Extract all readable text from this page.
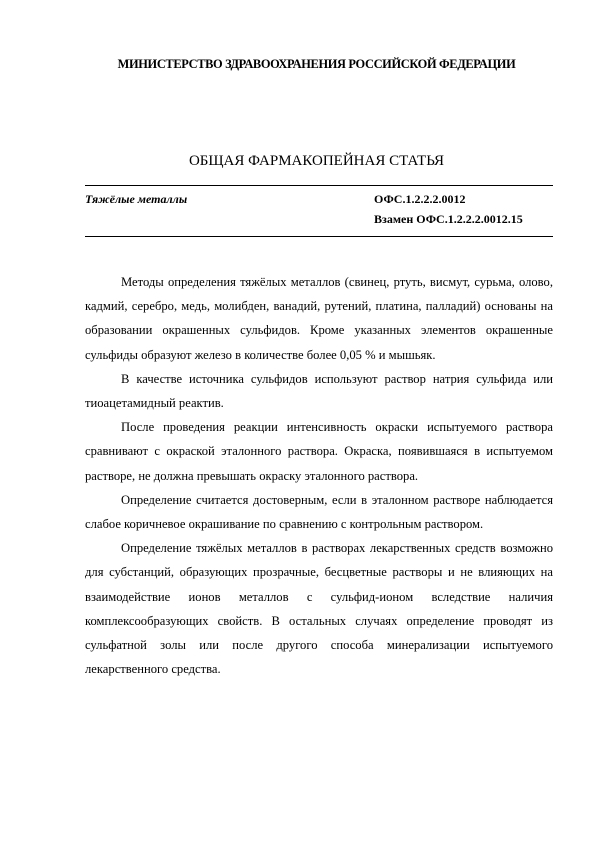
МИНИСТЕРСТВО ЗДРАВООХРАНЕНИЯ РОССИЙСКОЙ ФЕДЕРАЦИИ
ОБЩАЯ ФАРМАКОПЕЙНАЯ СТАТЬЯ
Тяжёлые металлы	ОФС.1.2.2.2.0012
Взамен ОФС.1.2.2.2.0012.15

Методы определения тяжёлых металлов (свинец, ртуть, висмут, сурьма, олово, кадмий, серебро, медь, молибден, ванадий, рутений, платина, палладий) основаны на образовании окрашенных сульфидов. Кроме указанных элементов окрашенные сульфиды образуют железо в количестве более 0,05 % и мышьяк.

В качестве источника сульфидов используют раствор натрия сульфида или тиоацетамидный реактив.

После проведения реакции интенсивность окраски испытуемого раствора сравнивают с окраской эталонного раствора. Окраска, появившаяся в испытуемом растворе, не должна превышать окраску эталонного раствора.

Определение считается достоверным, если в эталонном растворе наблюдается слабое коричневое окрашивание по сравнению с контрольным раствором.

Определение тяжёлых металлов в растворах лекарственных средств возможно для субстанций, образующих прозрачные, бесцветные растворы и не влияющих на взаимодействие ионов металлов с сульфид-ионом вследствие наличия комплексообразующих свойств. В остальных случаях определение проводят из сульфатной золы или после другого способа минерализации испытуемого лекарственного средства.
